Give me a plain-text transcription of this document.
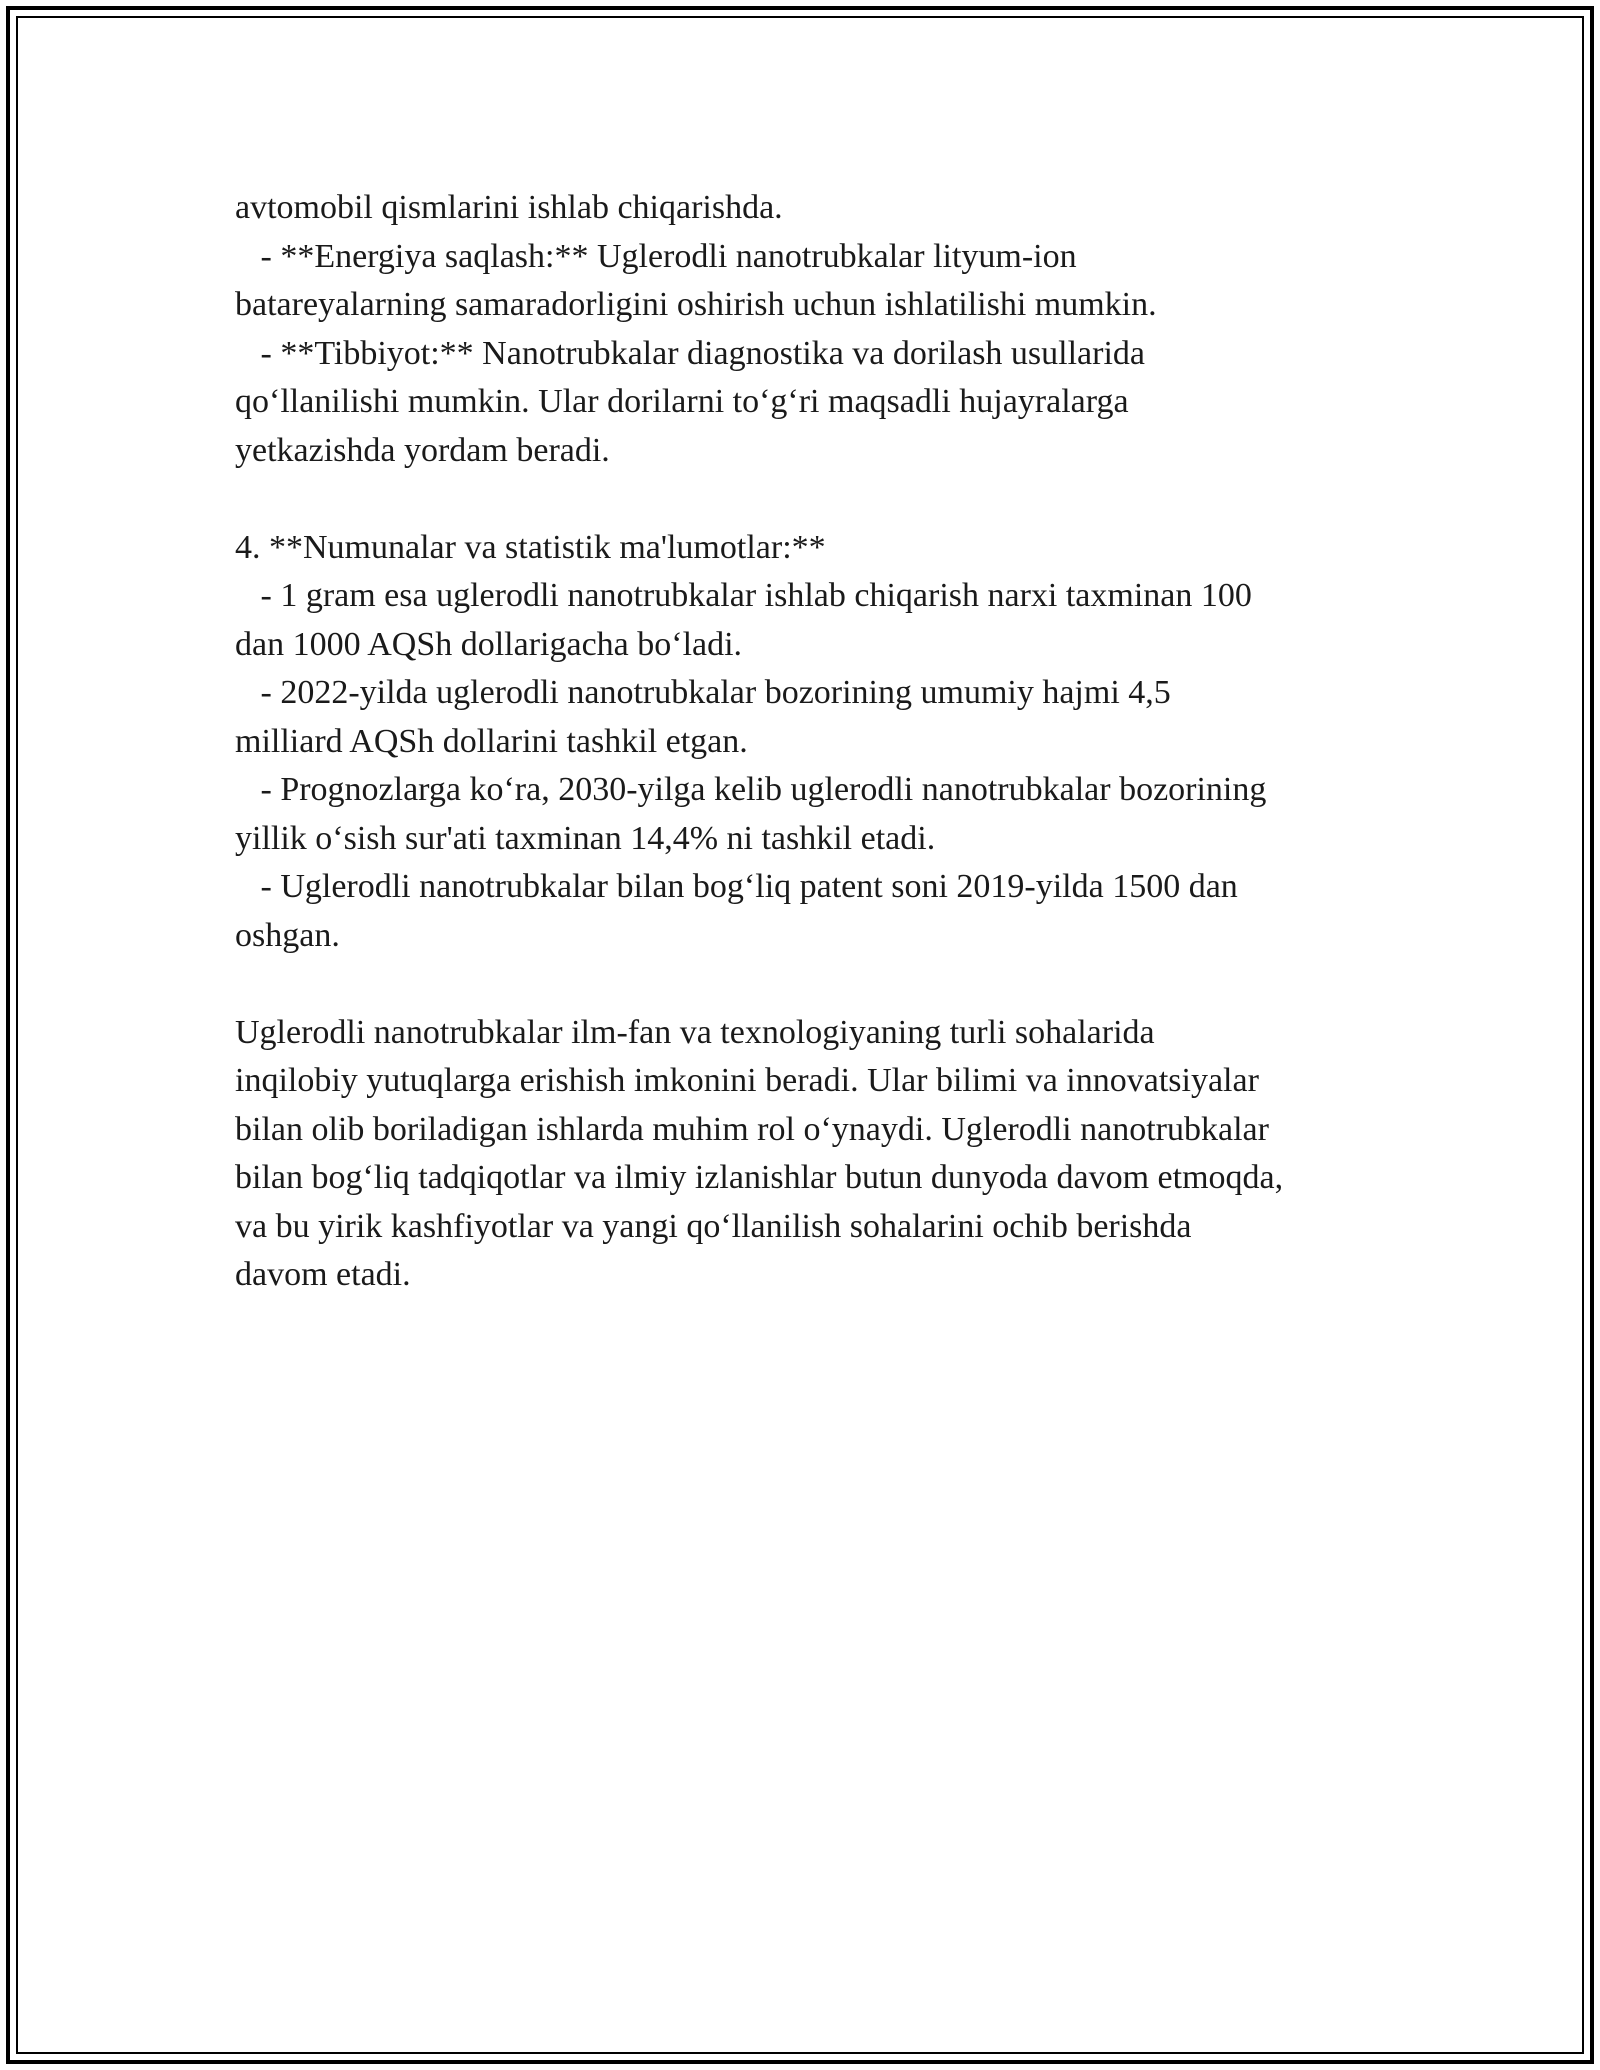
avtomobil qismlarini ishlab chiqarishda.
- **Energiya saqlash:** Uglerodli nanotrubkalar lityum-ion
batareyalarning samaradorligini oshirish uchun ishlatilishi mumkin.
- **Tibbiyot:** Nanotrubkalar diagnostika va dorilash usullarida
qo‘llanilishi mumkin. Ular dorilarni to‘g‘ri maqsadli hujayralarga
yetkazishda yordam beradi.
4. **Numunalar va statistik ma'lumotlar:**
- 1 gram esa uglerodli nanotrubkalar ishlab chiqarish narxi taxminan 100
dan 1000 AQSh dollarigacha bo‘ladi.
- 2022-yilda uglerodli nanotrubkalar bozorining umumiy hajmi 4,5
milliard AQSh dollarini tashkil etgan.
- Prognozlarga ko‘ra, 2030-yilga kelib uglerodli nanotrubkalar bozorining
yillik o‘sish sur'ati taxminan 14,4% ni tashkil etadi.
- Uglerodli nanotrubkalar bilan bog‘liq patent soni 2019-yilda 1500 dan
oshgan.
Uglerodli nanotrubkalar ilm-fan va texnologiyaning turli sohalarida
inqilobiy yutuqlarga erishish imkonini beradi. Ular bilimi va innovatsiyalar
bilan olib boriladigan ishlarda muhim rol o‘ynaydi. Uglerodli nanotrubkalar
bilan bog‘liq tadqiqotlar va ilmiy izlanishlar butun dunyoda davom etmoqda,
va bu yirik kashfiyotlar va yangi qo‘llanilish sohalarini ochib berishda
davom etadi.
